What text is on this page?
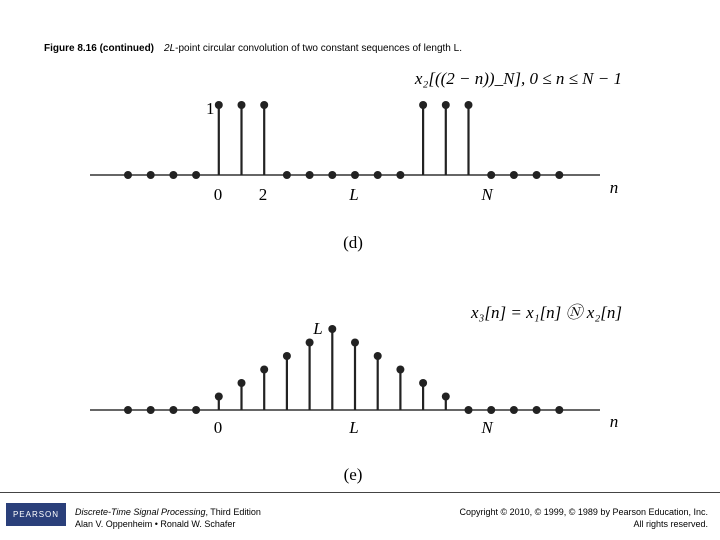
Figure 8.16 (continued) 2L-point circular convolution of two constant sequences of length L.
x₂[((2 − n))_N], 0 ≤ n ≤ N − 1
1
0 2	L	N	n
(d)
x₃[n] = x₁[n] Ⓝ x₂[n]
L
0	L	N	n
(e)
PEARSON	Discrete-Time Signal Processing, Third Edition
Alan V. Oppenheim • Ronald W. Schafer
Copyright © 2010, © 1999, © 1989 by Pearson Education, Inc.
All rights reserved.
